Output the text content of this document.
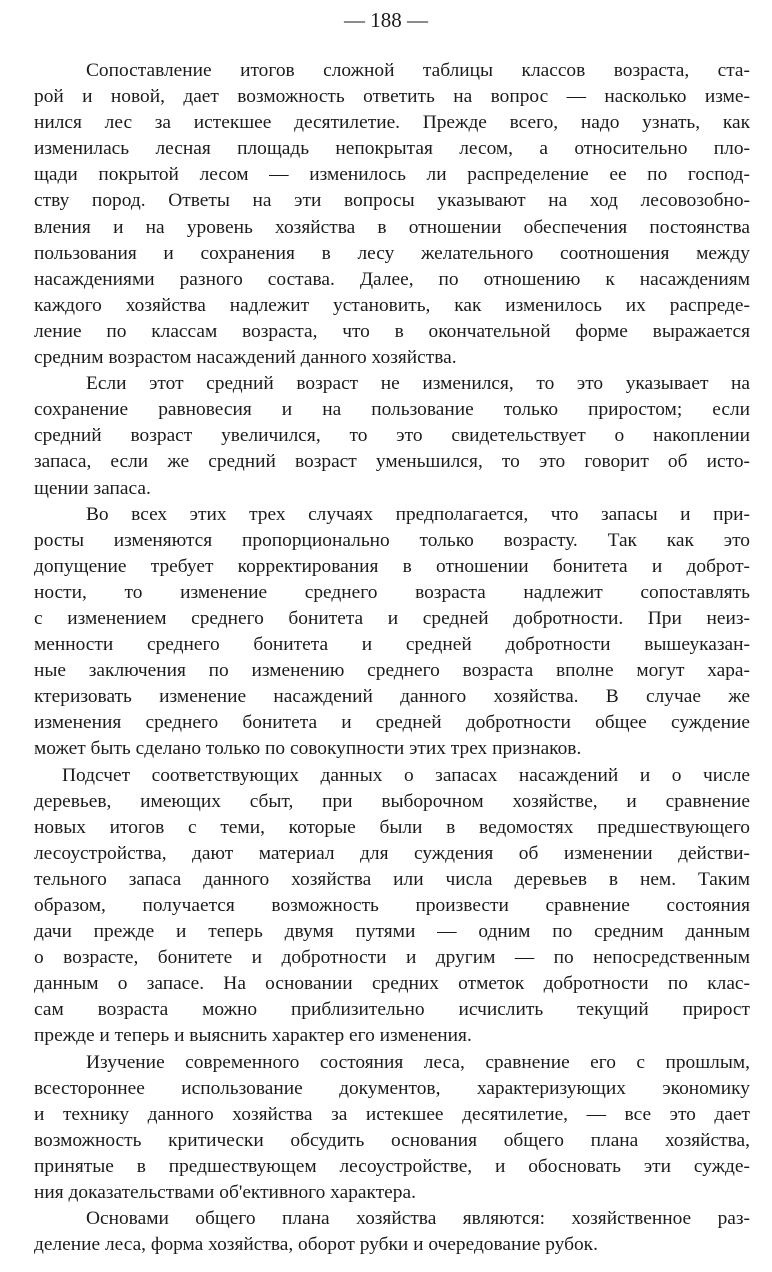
— 188 —
Сопоставление итогов сложной таблицы классов возраста, ста-
рой и новой, дает возможность ответить на вопрос — насколько изме-
нился лес за истекшее десятилетие. Прежде всего, надо узнать, как
изменилась лесная площадь непокрытая лесом, а относительно пло-
щади покрытой лесом — изменилось ли распределение ее по господ-
ству пород. Ответы на эти вопросы указывают на ход лесовозобно-
вления и на уровень хозяйства в отношении обеспечения постоянства
пользования и сохранения в лесу желательного соотношения между
насаждениями разного состава. Далее, по отношению к насаждениям
каждого хозяйства надлежит установить, как изменилось их распреде-
ление по классам возраста, что в окончательной форме выражается
средним возрастом насаждений данного хозяйства.
Если этот средний возраст не изменился, то это указывает на
сохранение равновесия и на пользование только приростом; если
средний возраст увеличился, то это свидетельствует о накоплении
запаса, если же средний возраст уменьшился, то это говорит об исто-
щении запаса.
Во всех этих трех случаях предполагается, что запасы и при-
росты изменяются пропорционально только возрасту. Так как это
допущение требует корректирования в отношении бонитета и доброт-
ности, то изменение среднего возраста надлежит сопоставлять
с изменением среднего бонитета и средней добротности. При неиз-
менности среднего бонитета и средней добротности вышеуказан-
ные заключения по изменению среднего возраста вполне могут хара-
ктеризовать изменение насаждений данного хозяйства. В случае же
изменения среднего бонитета и средней добротности общее суждение
может быть сделано только по совокупности этих трех признаков.
Подсчет соответствующих данных о запасах насаждений и о числе
деревьев, имеющих сбыт, при выборочном хозяйстве, и сравнение
новых итогов с теми, которые были в ведомостях предшествующего
лесоустройства, дают материал для суждения об изменении действи-
тельного запаса данного хозяйства или числа деревьев в нем. Таким
образом, получается возможность произвести сравнение состояния
дачи прежде и теперь двумя путями — одним по средним данным
о возрасте, бонитете и добротности и другим — по непосредственным
данным о запасе. На основании средних отметок добротности по клас-
сам возраста можно приблизительно исчислить текущий прирост
прежде и теперь и выяснить характер его изменения.
Изучение современного состояния леса, сравнение его с прошлым,
всестороннее использование документов, характеризующих экономику
и технику данного хозяйства за истекшее десятилетие, — все это дает
возможность критически обсудить основания общего плана хозяйства,
принятые в предшествующем лесоустройстве, и обосновать эти сужде-
ния доказательствами об'ективного характера.
Основами общего плана хозяйства являются: хозяйственное раз-
деление леса, форма хозяйства, оборот рубки и очередование рубок.
